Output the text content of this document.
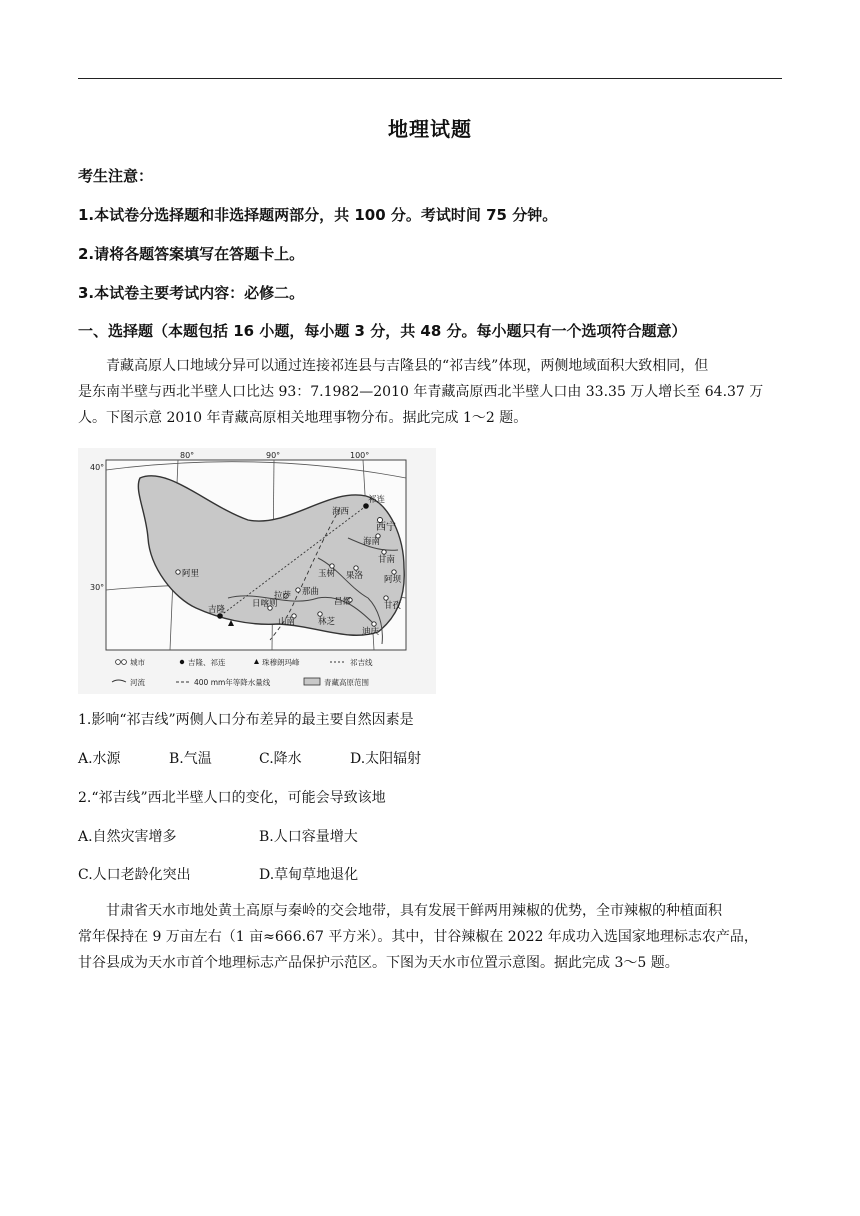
地理试题
考生注意：
1.本试卷分选择题和非选择题两部分，共 100 分。考试时间 75 分钟。
2.请将各题答案填写在答题卡上。
3.本试卷主要考试内容：必修二。
一、选择题（本题包括 16 小题，每小题 3 分，共 48 分。每小题只有一个选项符合题意）
青藏高原人口地域分异可以通过连接祁连县与吉隆县的“祁吉线”体现，两侧地域面积大致相同，但
是东南半壁与西北半壁人口比达 93：7.1982—2010 年青藏高原西北半壁人口由 33.35 万人增长至 64.37 万
人。下图示意 2010 年青藏高原相关地理事物分布。据此完成 1～2 题。
80°	90°	100°
40°
30°
祁连
海西
西宁
海南
甘南
玉树 果洛 阿坝
阿里
拉萨 那曲
日喀则
吉隆
山南	林芝
昌都	甘孜
迪庆
城市	吉隆、祁连	珠穆朗玛峰	祁吉线
河流	400 mm年等降水量线	青藏高原范围
1.影响“祁吉线”两侧人口分布差异的最主要自然因素是
A.水源	B.气温	C.降水	D.太阳辐射
2.“祁吉线”西北半壁人口的变化，可能会导致该地
A.自然灾害增多	B.人口容量增大
C.人口老龄化突出	D.草甸草地退化
甘肃省天水市地处黄土高原与秦岭的交会地带，具有发展干鲜两用辣椒的优势，全市辣椒的种植面积
常年保持在 9 万亩左右（1 亩≈666.67 平方米）。其中，甘谷辣椒在 2022 年成功入选国家地理标志农产品，
甘谷县成为天水市首个地理标志产品保护示范区。下图为天水市位置示意图。据此完成 3～5 题。
